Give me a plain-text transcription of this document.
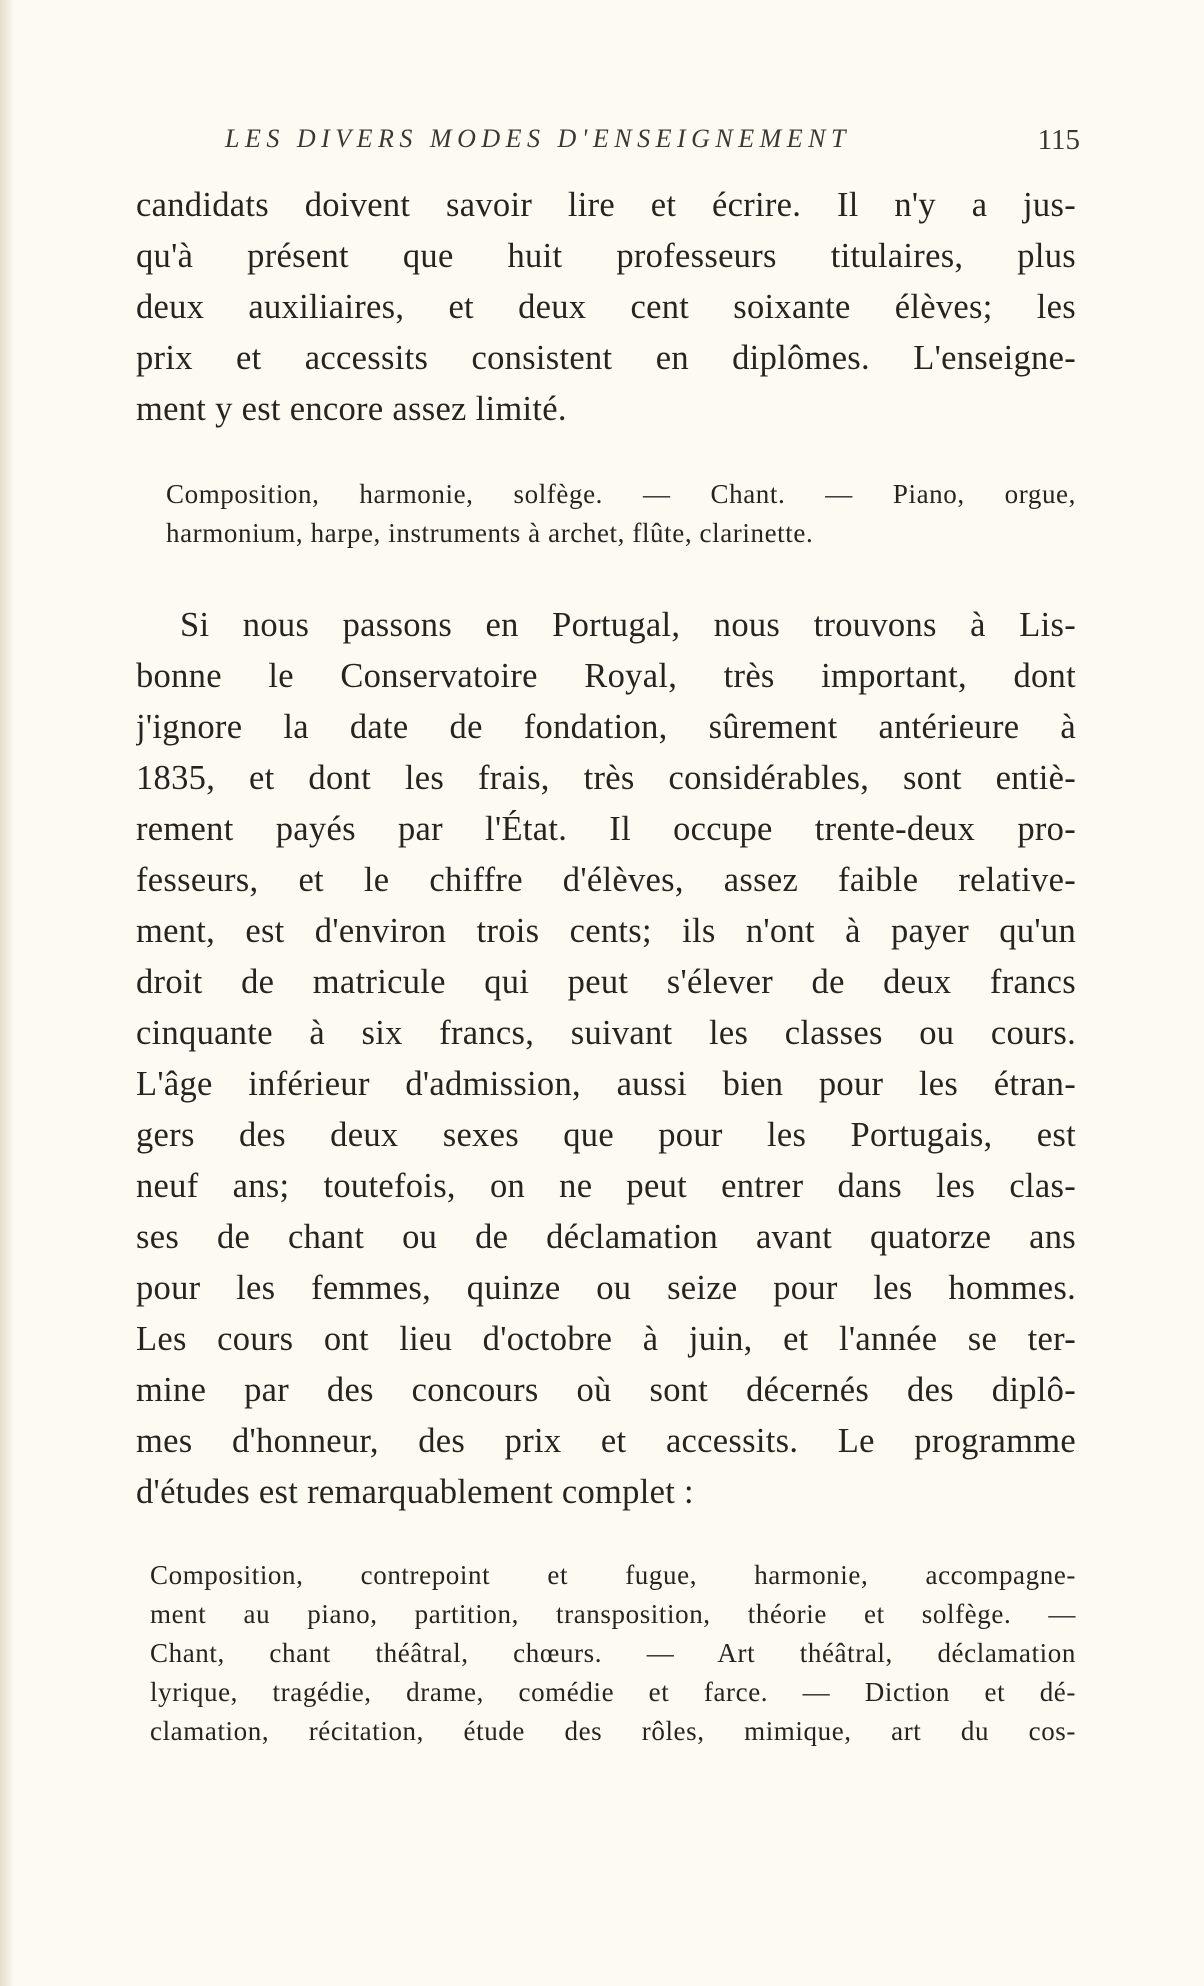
LES DIVERS MODES D'ENSEIGNEMENT	115
candidats doivent savoir lire et écrire. Il n'y a jus-
qu'à présent que huit professeurs titulaires, plus
deux auxiliaires, et deux cent soixante élèves; les
prix et accessits consistent en diplômes. L'enseigne-
ment y est encore assez limité.
Composition, harmonie, solfège. — Chant. — Piano, orgue,
harmonium, harpe, instruments à archet, flûte, clarinette.
Si nous passons en Portugal, nous trouvons à Lis-
bonne le Conservatoire Royal, très important, dont
j'ignore la date de fondation, sûrement antérieure à
1835, et dont les frais, très considérables, sont entiè-
rement payés par l'État. Il occupe trente-deux pro-
fesseurs, et le chiffre d'élèves, assez faible relative-
ment, est d'environ trois cents; ils n'ont à payer qu'un
droit de matricule qui peut s'élever de deux francs
cinquante à six francs, suivant les classes ou cours.
L'âge inférieur d'admission, aussi bien pour les étran-
gers des deux sexes que pour les Portugais, est
neuf ans; toutefois, on ne peut entrer dans les clas-
ses de chant ou de déclamation avant quatorze ans
pour les femmes, quinze ou seize pour les hommes.
Les cours ont lieu d'octobre à juin, et l'année se ter-
mine par des concours où sont décernés des diplô-
mes d'honneur, des prix et accessits. Le programme
d'études est remarquablement complet :
Composition, contrepoint et fugue, harmonie, accompagne-
ment au piano, partition, transposition, théorie et solfège. —
Chant, chant théâtral, chœurs. — Art théâtral, déclamation
lyrique, tragédie, drame, comédie et farce. — Diction et dé-
clamation, récitation, étude des rôles, mimique, art du cos-
